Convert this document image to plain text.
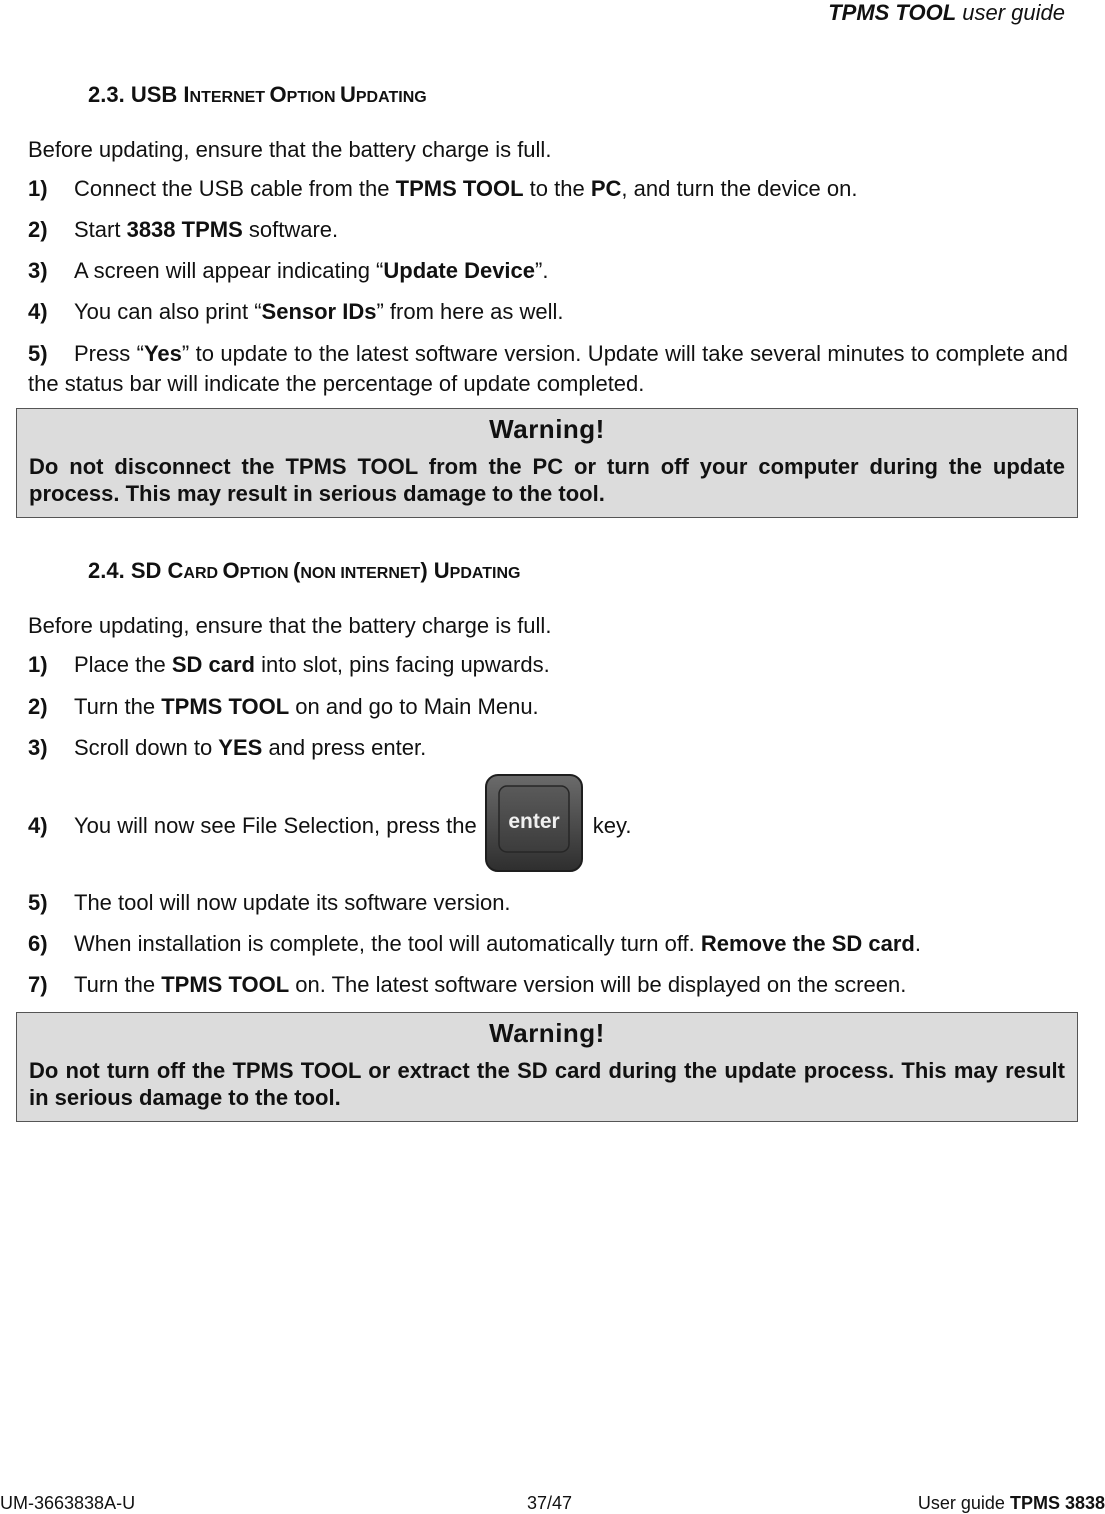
TPMS TOOL user guide
2.3. USB INTERNET OPTION UPDATING
Before updating, ensure that the battery charge is full.
1) Connect the USB cable from the TPMS TOOL to the PC, and turn the device on.
2) Start 3838 TPMS software.
3) A screen will appear indicating “Update Device”.
4) You can also print “Sensor IDs” from here as well.
5) Press “Yes” to update to the latest software version. Update will take several minutes to complete and the status bar will indicate the percentage of update completed.
Warning!
Do not disconnect the TPMS TOOL from the PC or turn off your computer during the update process. This may result in serious damage to the tool.
2.4. SD CARD OPTION (NON INTERNET) UPDATING
Before updating, ensure that the battery charge is full.
1) Place the SD card into slot, pins facing upwards.
2) Turn the TPMS TOOL on and go to Main Menu.
3) Scroll down to YES and press enter.
4) You will now see File Selection, press the enter key.
5) The tool will now update its software version.
6) When installation is complete, the tool will automatically turn off. Remove the SD card.
7) Turn the TPMS TOOL on. The latest software version will be displayed on the screen.
Warning!
Do not turn off the TPMS TOOL or extract the SD card during the update process. This may result in serious damage to the tool.
UM-3663838A-U	37/47	User guide TPMS 3838
